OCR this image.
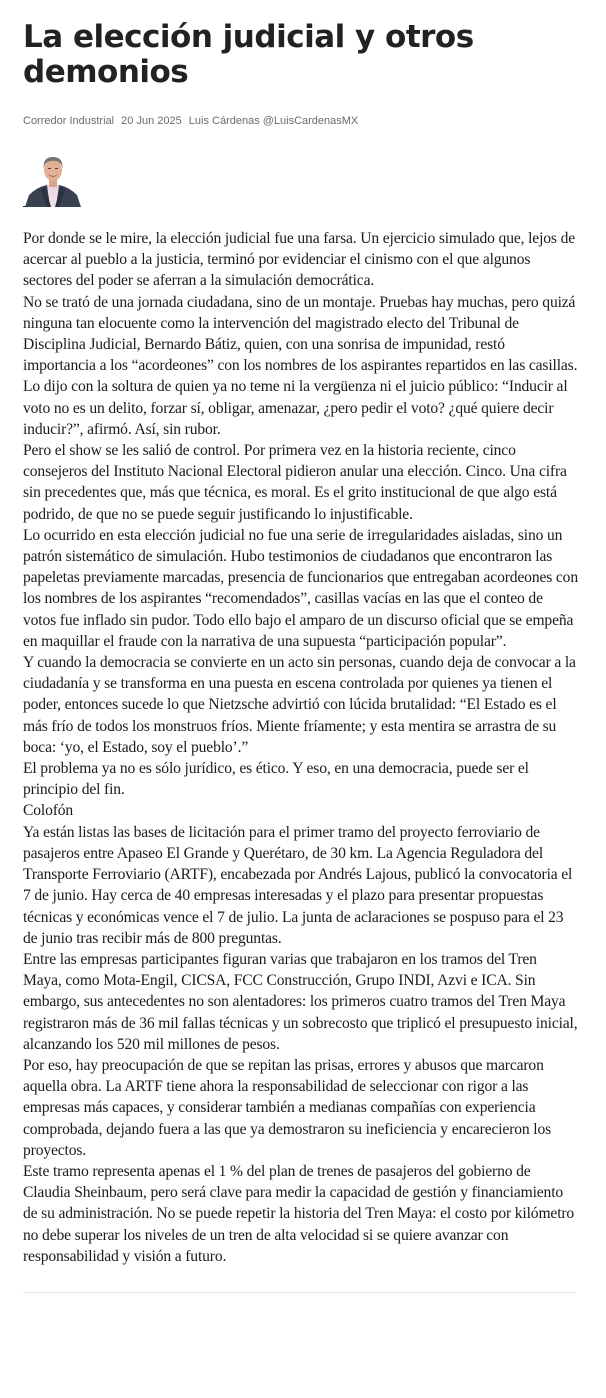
La elección judicial y otros demonios
Corredor Industrial 20 Jun 2025 Luis Cárdenas @LuisCardenasMX

Por donde se le mire, la elección judicial fue una farsa. Un ejercicio simulado que, lejos de acercar al pueblo a la justicia, terminó por evidenciar el cinismo con el que algunos sectores del poder se aferran a la simulación democrática.

No se trató de una jornada ciudadana, sino de un montaje. Pruebas hay muchas, pero quizá ninguna tan elocuente como la intervención del magistrado electo del Tribunal de Disciplina Judicial, Bernardo Bátiz, quien, con una sonrisa de impunidad, restó importancia a los “acordeones” con los nombres de los aspirantes repartidos en las casillas. Lo dijo con la soltura de quien ya no teme ni la vergüenza ni el juicio público: “Inducir al voto no es un delito, forzar sí, obligar, amenazar, ¿pero pedir el voto? ¿qué quiere decir inducir?”, afirmó. Así, sin rubor.

Pero el show se les salió de control. Por primera vez en la historia reciente, cinco consejeros del Instituto Nacional Electoral pidieron anular una elección. Cinco. Una cifra sin precedentes que, más que técnica, es moral. Es el grito institucional de que algo está podrido, de que no se puede seguir justificando lo injustificable.

Lo ocurrido en esta elección judicial no fue una serie de irregularidades aisladas, sino un patrón sistemático de simulación. Hubo testimonios de ciudadanos que encontraron las papeletas previamente marcadas, presencia de funcionarios que entregaban acordeones con los nombres de los aspirantes “recomendados”, casillas vacías en las que el conteo de votos fue inflado sin pudor. Todo ello bajo el amparo de un discurso oficial que se empeña en maquillar el fraude con la narrativa de una supuesta “participación popular”.

Y cuando la democracia se convierte en un acto sin personas, cuando deja de convocar a la ciudadanía y se transforma en una puesta en escena controlada por quienes ya tienen el poder, entonces sucede lo que Nietzsche advirtió con lúcida brutalidad: “El Estado es el más frío de todos los monstruos fríos. Miente fríamente; y esta mentira se arrastra de su boca: ‘yo, el Estado, soy el pueblo’.”

El problema ya no es sólo jurídico, es ético. Y eso, en una democracia, puede ser el principio del fin.

Colofón

Ya están listas las bases de licitación para el primer tramo del proyecto ferroviario de pasajeros entre Apaseo El Grande y Querétaro, de 30 km. La Agencia Reguladora del Transporte Ferroviario (ARTF), encabezada por Andrés Lajous, publicó la convocatoria el 7 de junio. Hay cerca de 40 empresas interesadas y el plazo para presentar propuestas técnicas y económicas vence el 7 de julio. La junta de aclaraciones se pospuso para el 23 de junio tras recibir más de 800 preguntas.

Entre las empresas participantes figuran varias que trabajaron en los tramos del Tren Maya, como Mota-Engil, CICSA, FCC Construcción, Grupo INDI, Azvi e ICA. Sin embargo, sus antecedentes no son alentadores: los primeros cuatro tramos del Tren Maya registraron más de 36 mil fallas técnicas y un sobrecosto que triplicó el presupuesto inicial, alcanzando los 520 mil millones de pesos.

Por eso, hay preocupación de que se repitan las prisas, errores y abusos que marcaron aquella obra. La ARTF tiene ahora la responsabilidad de seleccionar con rigor a las empresas más capaces, y considerar también a medianas compañías con experiencia comprobada, dejando fuera a las que ya demostraron su ineficiencia y encarecieron los proyectos.

Este tramo representa apenas el 1 % del plan de trenes de pasajeros del gobierno de Claudia Sheinbaum, pero será clave para medir la capacidad de gestión y financiamiento de su administración. No se puede repetir la historia del Tren Maya: el costo por kilómetro no debe superar los niveles de un tren de alta velocidad si se quiere avanzar con responsabilidad y visión a futuro.
